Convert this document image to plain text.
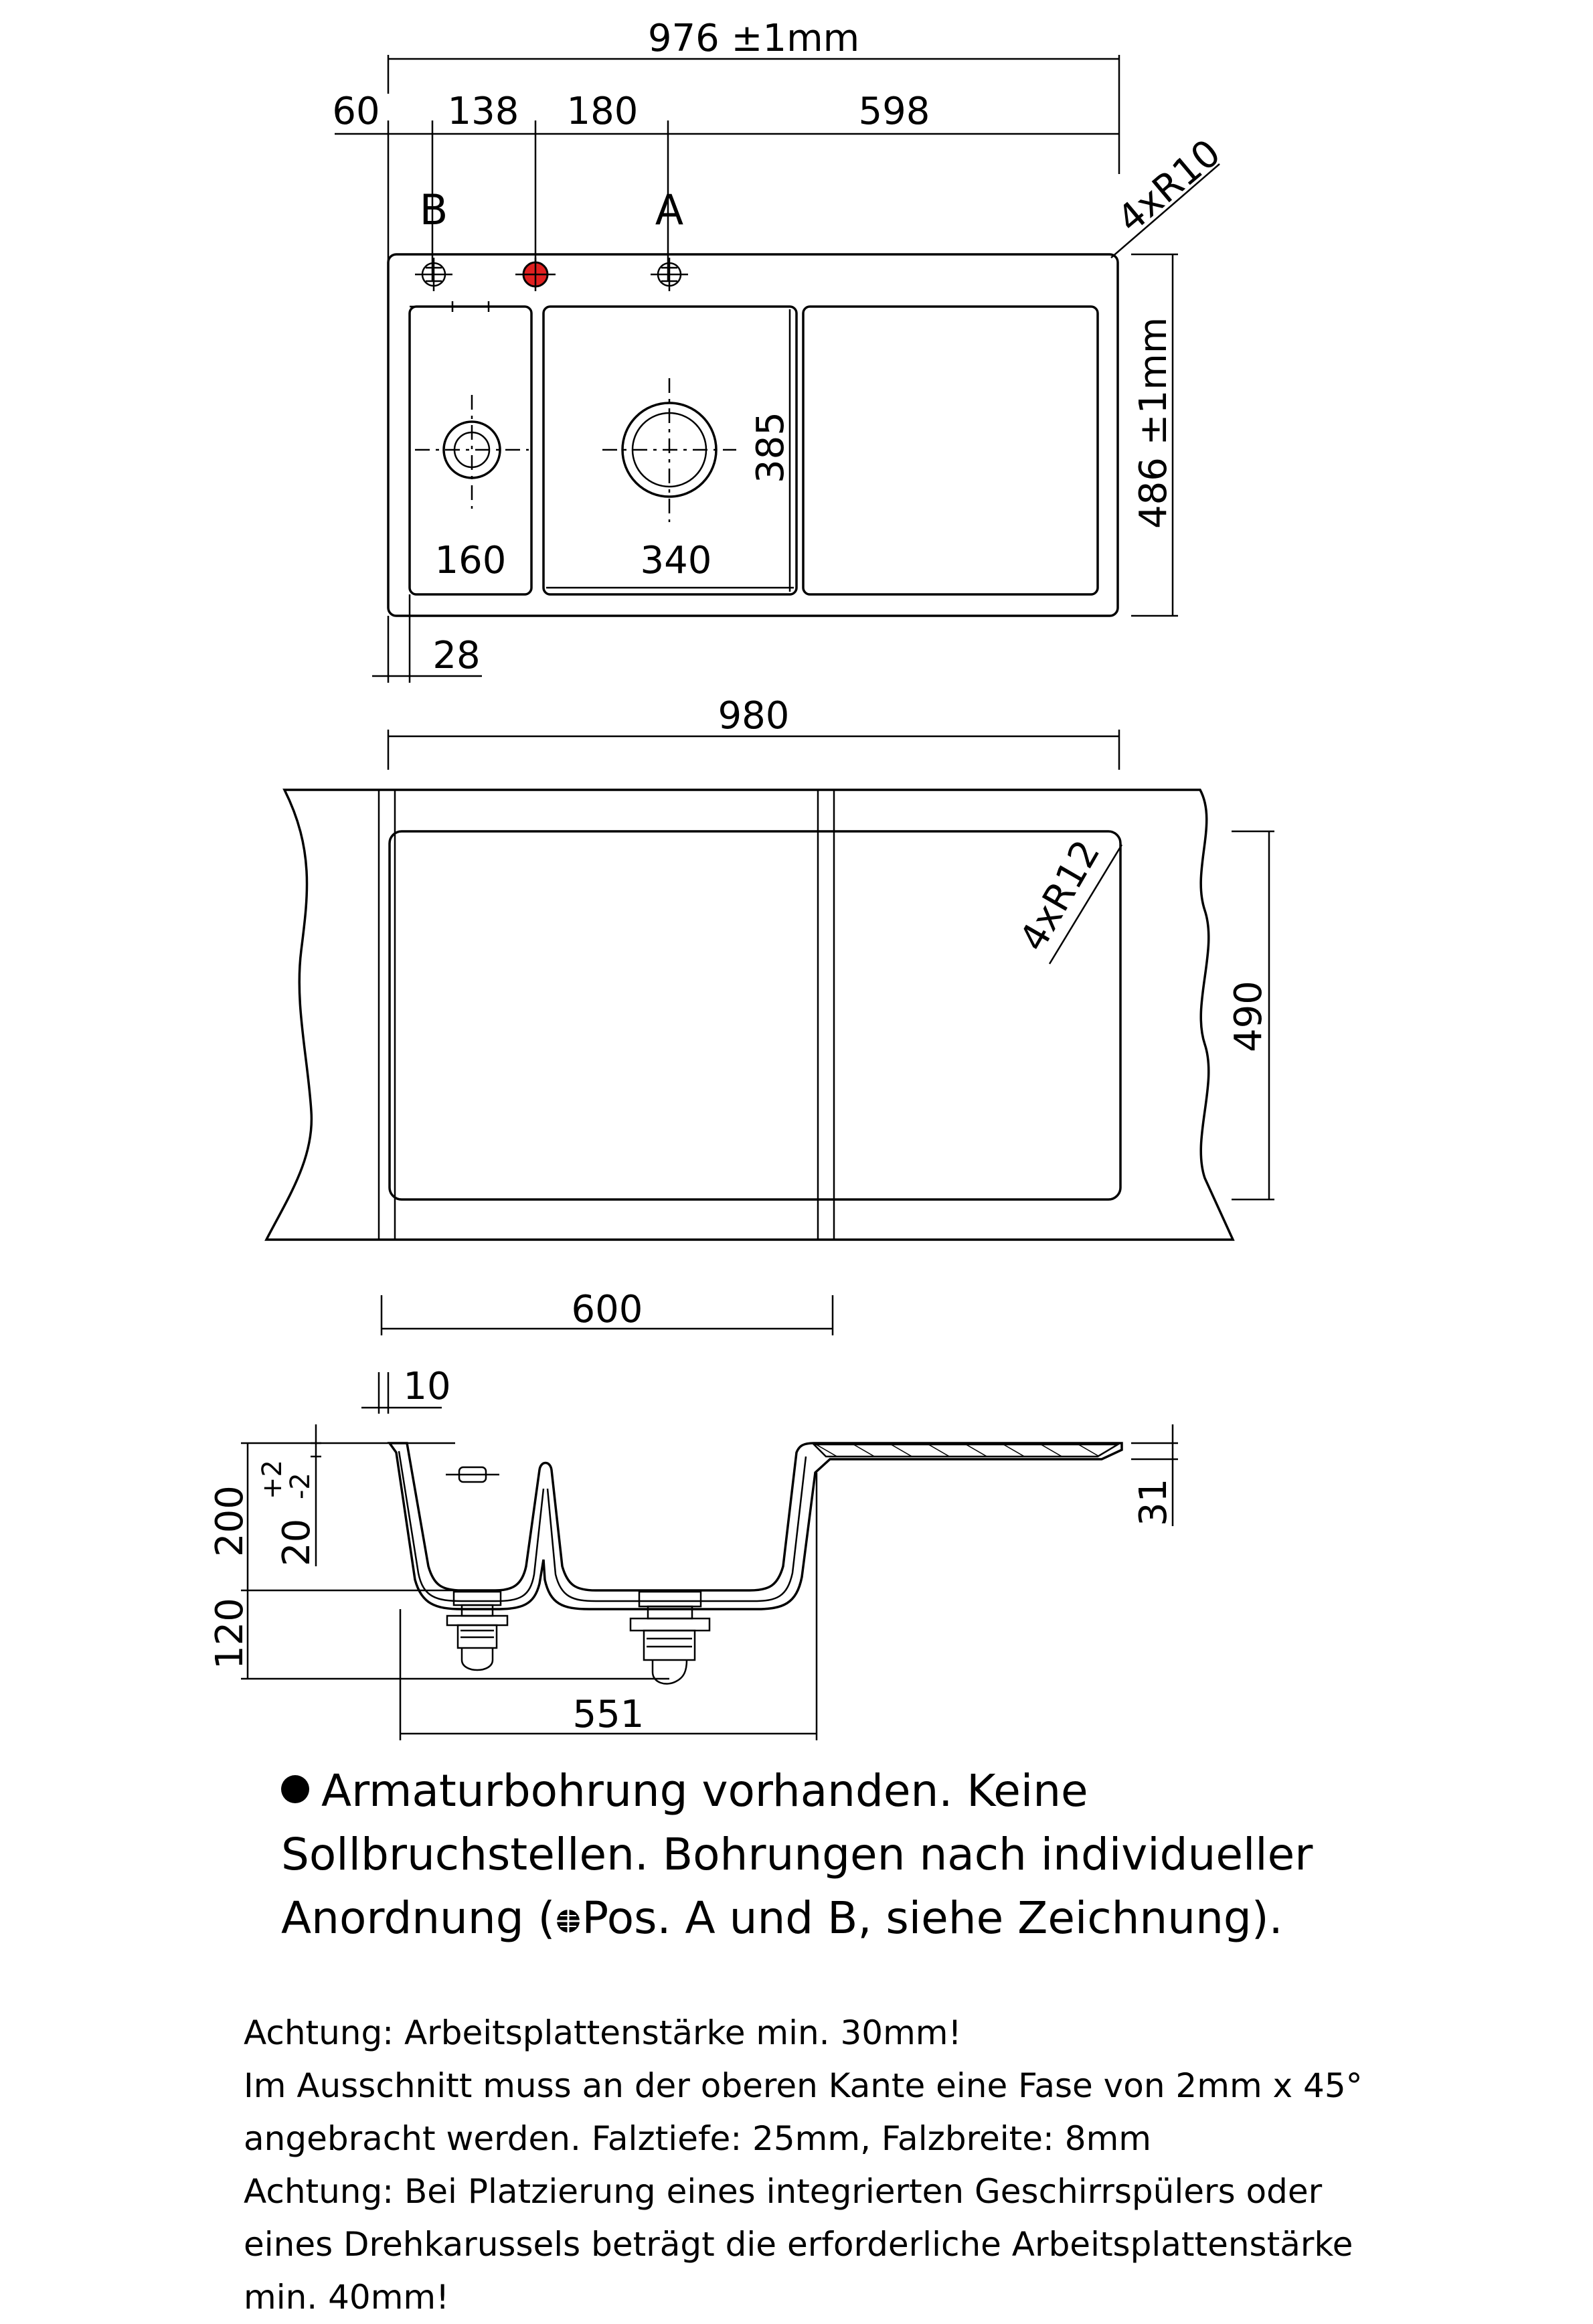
976 ±1mm
60 138 180	598
4xR10
B	A
385	486 ±1mm
160	340
28
980
4xR12
490
600
10
200
120
20
+2
-2
551
31
Armaturbohrung vorhanden. Keine
Sollbruchstellen. Bohrungen nach individueller
Anordnung ( Pos. A und B, siehe Zeichnung).
Achtung: Arbeitsplattenstärke min. 30mm!
Im Ausschnitt muss an der oberen Kante eine Fase von 2mm x 45°
angebracht werden. Falztiefe: 25mm, Falzbreite: 8mm
Achtung: Bei Platzierung eines integrierten Geschirrspülers oder
eines Drehkarussels beträgt die erforderliche Arbeitsplattenstärke
min. 40mm!
